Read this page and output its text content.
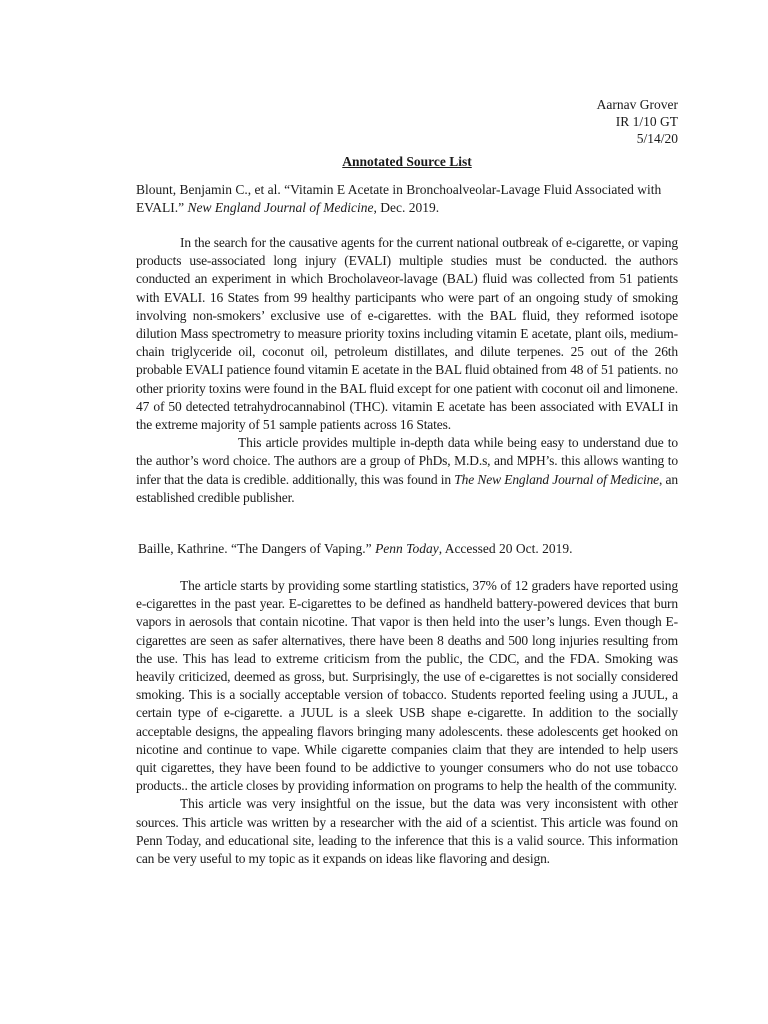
Aarnav Grover
IR 1/10 GT
5/14/20
Annotated Source List
Blount, Benjamin C., et al. “Vitamin E Acetate in Bronchoalveolar-Lavage Fluid Associated with EVALI.” New England Journal of Medicine, Dec. 2019.
In the search for the causative agents for the current national outbreak of e-cigarette, or vaping products use-associated long injury (EVALI) multiple studies must be conducted. the authors conducted an experiment in which Brocholaveor-lavage (BAL) fluid was collected from 51 patients with EVALI. 16 States from 99 healthy participants who were part of an ongoing study of smoking involving non-smokers’ exclusive use of e-cigarettes. with the BAL fluid, they reformed isotope dilution Mass spectrometry to measure priority toxins including vitamin E acetate, plant oils, medium-chain triglyceride oil, coconut oil, petroleum distillates, and dilute terpenes. 25 out of the 26th probable EVALI patience found vitamin E acetate in the BAL fluid obtained from 48 of 51 patients. no other priority toxins were found in the BAL fluid except for one patient with coconut oil and limonene. 47 of 50 detected tetrahydrocannabinol (THC). vitamin E acetate has been associated with EVALI in the extreme majority of 51 sample patients across 16 States.
This article provides multiple in-depth data while being easy to understand due to the author’s word choice. The authors are a group of PhDs, M.D.s, and MPH’s. this allows wanting to infer that the data is credible. additionally, this was found in The New England Journal of Medicine, an established credible publisher.
Baille, Kathrine. “The Dangers of Vaping.” Penn Today, Accessed 20 Oct. 2019.
The article starts by providing some startling statistics, 37% of 12 graders have reported using e-cigarettes in the past year. E-cigarettes to be defined as handheld battery-powered devices that burn vapors in aerosols that contain nicotine. That vapor is then held into the user’s lungs. Even though E-cigarettes are seen as safer alternatives, there have been 8 deaths and 500 long injuries resulting from the use. This has lead to extreme criticism from the public, the CDC, and the FDA. Smoking was heavily criticized, deemed as gross, but. Surprisingly, the use of e-cigarettes is not socially considered smoking. This is a socially acceptable version of tobacco. Students reported feeling using a JUUL, a certain type of e-cigarette. a JUUL is a sleek USB shape e-cigarette. In addition to the socially acceptable designs, the appealing flavors bringing many adolescents. these adolescents get hooked on nicotine and continue to vape. While cigarette companies claim that they are intended to help users quit cigarettes, they have been found to be addictive to younger consumers who do not use tobacco products.. the article closes by providing information on programs to help the health of the community.
This article was very insightful on the issue, but the data was very inconsistent with other sources. This article was written by a researcher with the aid of a scientist. This article was found on Penn Today, and educational site, leading to the inference that this is a valid source. This information can be very useful to my topic as it expands on ideas like flavoring and design.
